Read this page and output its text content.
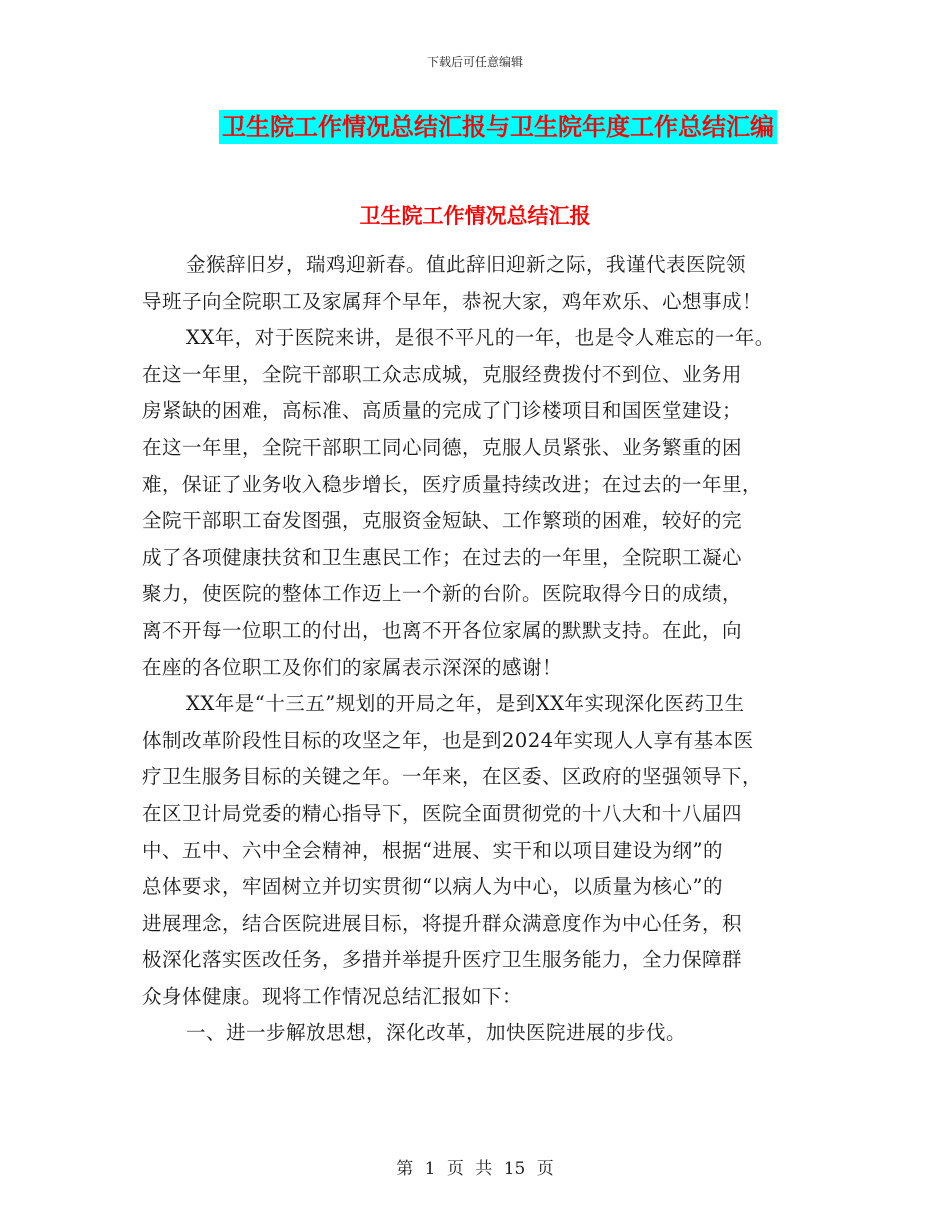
下载后可任意编辑
卫生院工作情况总结汇报与卫生院年度工作总结汇编
卫生院工作情况总结汇报
金猴辞旧岁，瑞鸡迎新春。值此辞旧迎新之际，我谨代表医院领
导班子向全院职工及家属拜个早年，恭祝大家，鸡年欢乐、心想事成！
XX年，对于医院来讲，是很不平凡的一年，也是令人难忘的一年。
在这一年里，全院干部职工众志成城，克服经费拨付不到位、业务用
房紧缺的困难，高标准、高质量的完成了门诊楼项目和国医堂建设；
在这一年里，全院干部职工同心同德，克服人员紧张、业务繁重的困
难，保证了业务收入稳步增长，医疗质量持续改进；在过去的一年里，
全院干部职工奋发图强，克服资金短缺、工作繁琐的困难，较好的完
成了各项健康扶贫和卫生惠民工作；在过去的一年里，全院职工凝心
聚力，使医院的整体工作迈上一个新的台阶。医院取得今日的成绩，
离不开每一位职工的付出，也离不开各位家属的默默支持。在此，向
在座的各位职工及你们的家属表示深深的感谢！
XX年是“十三五”规划的开局之年，是到XX年实现深化医药卫生
体制改革阶段性目标的攻坚之年，也是到2024年实现人人享有基本医
疗卫生服务目标的关键之年。一年来，在区委、区政府的坚强领导下，
在区卫计局党委的精心指导下，医院全面贯彻党的十八大和十八届四
中、五中、六中全会精神，根据“进展、实干和以项目建设为纲”的
总体要求，牢固树立并切实贯彻“以病人为中心，以质量为核心”的
进展理念，结合医院进展目标，将提升群众满意度作为中心任务，积
极深化落实医改任务，多措并举提升医疗卫生服务能力，全力保障群
众身体健康。现将工作情况总结汇报如下：
一、进一步解放思想，深化改革，加快医院进展的步伐。
第 1 页 共 15 页
